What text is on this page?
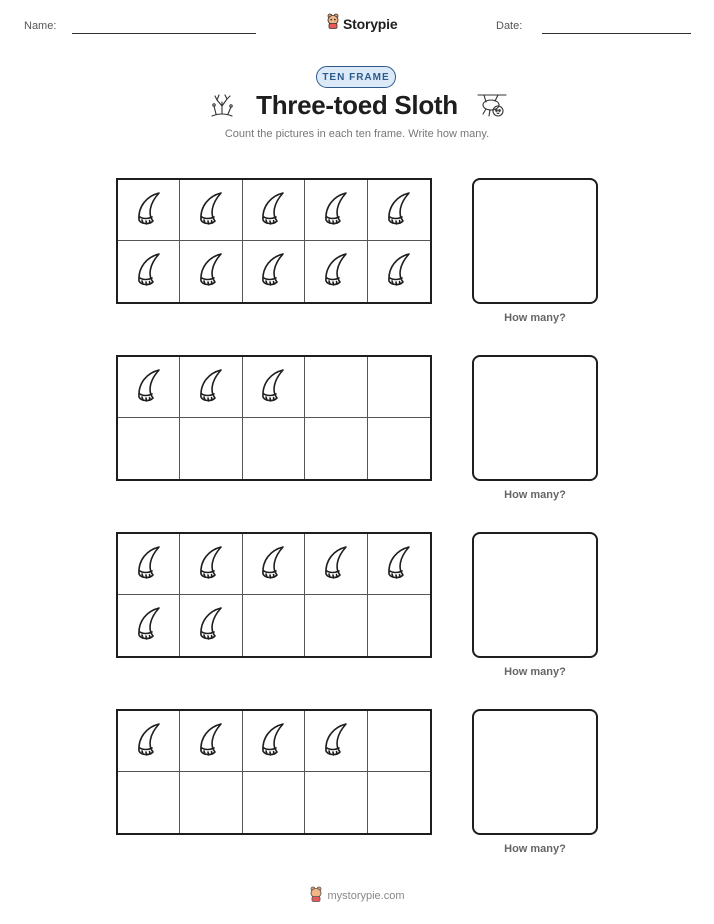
Name:	Storypie	Date:
TEN FRAME
Three-toed Sloth
Count the pictures in each ten frame. Write how many.
How many?
How many?
How many?
How many?
mystorypie.com
